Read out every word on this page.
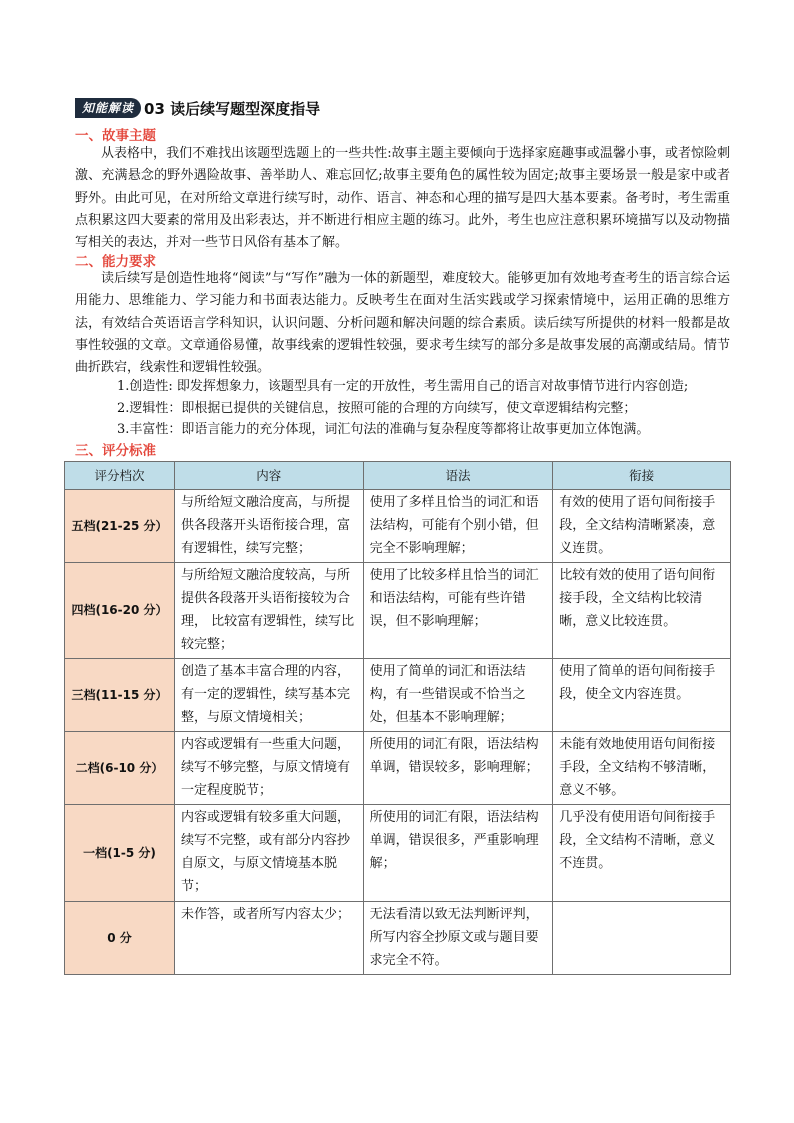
知能解读 03 读后续写题型深度指导
一、故事主题

从表格中，我们不难找出该题型选题上的一些共性:故事主题主要倾向于选择家庭趣事或温馨小事，或者惊险刺激、充满悬念的野外遇险故事、善举助人、难忘回忆;故事主要角色的属性较为固定;故事主要场景一般是家中或者野外。由此可见，在对所给文章进行续写时，动作、语言、神态和心理的描写是四大基本要素。备考时，考生需重点积累这四大要素的常用及出彩表达，并不断进行相应主题的练习。此外，考生也应注意积累环境描写以及动物描写相关的表达，并对一些节日风俗有基本了解。

二、能力要求

读后续写是创造性地将“阅读”与“写作”融为一体的新题型，难度较大。能够更加有效地考查考生的语言综合运用能力、思维能力、学习能力和书面表达能力。反映考生在面对生活实践或学习探索情境中，运用正确的思维方法，有效结合英语语言学科知识，认识问题、分析问题和解决问题的综合素质。读后续写所提供的材料一般都是故事性较强的文章。文章通俗易懂，故事线索的逻辑性较强，要求考生续写的部分多是故事发展的高潮或结局。情节曲折跌宕，线索性和逻辑性较强。

1.创造性: 即发挥想象力，该题型具有一定的开放性，考生需用自己的语言对故事情节进行内容创造;
2.逻辑性：即根据已提供的关键信息，按照可能的合理的方向续写，使文章逻辑结构完整；
3.丰富性：即语言能力的充分体现，词汇句法的准确与复杂程度等都将让故事更加立体饱满。
三、评分标准
评分档次	内容	语法	衔接
五档(21-25 分）	与所给短文融洽度高，与所提供各段落开头语衔接合理，富有逻辑性，续写完整；	使用了多样且恰当的词汇和语法结构，可能有个别小错，但完全不影响理解；	有效的使用了语句间衔接手段，全文结构清晰紧凑，意义连贯。
四档(16-20 分）	与所给短文融洽度较高，与所提供各段落开头语衔接较为合理， 比较富有逻辑性，续写比较完整；	使用了比较多样且恰当的词汇和语法结构，可能有些许错误，但不影响理解；	比较有效的使用了语句间衔接手段，全文结构比较清晰，意义比较连贯。
三档(11-15 分）	创造了基本丰富合理的内容，有一定的逻辑性，续写基本完整，与原文情境相关；	使用了简单的词汇和语法结构，有一些错误或不恰当之处，但基本不影响理解；	使用了简单的语句间衔接手段，使全文内容连贯。
二档(6-10 分）	内容或逻辑有一些重大问题，续写不够完整，与原文情境有一定程度脱节；	所使用的词汇有限，语法结构单调，错误较多，影响理解；	未能有效地使用语句间衔接手段，全文结构不够清晰，意义不够。
一档(1-5 分)	内容或逻辑有较多重大问题，续写不完整，或有部分内容抄自原文，与原文情境基本脱节；	所使用的词汇有限，语法结构单调，错误很多，严重影响理解；	几乎没有使用语句间衔接手段，全文结构不清晰，意义不连贯。
0 分	未作答，或者所写内容太少；	无法看清以致无法判断评判，所写内容全抄原文或与题目要求完全不符。	
